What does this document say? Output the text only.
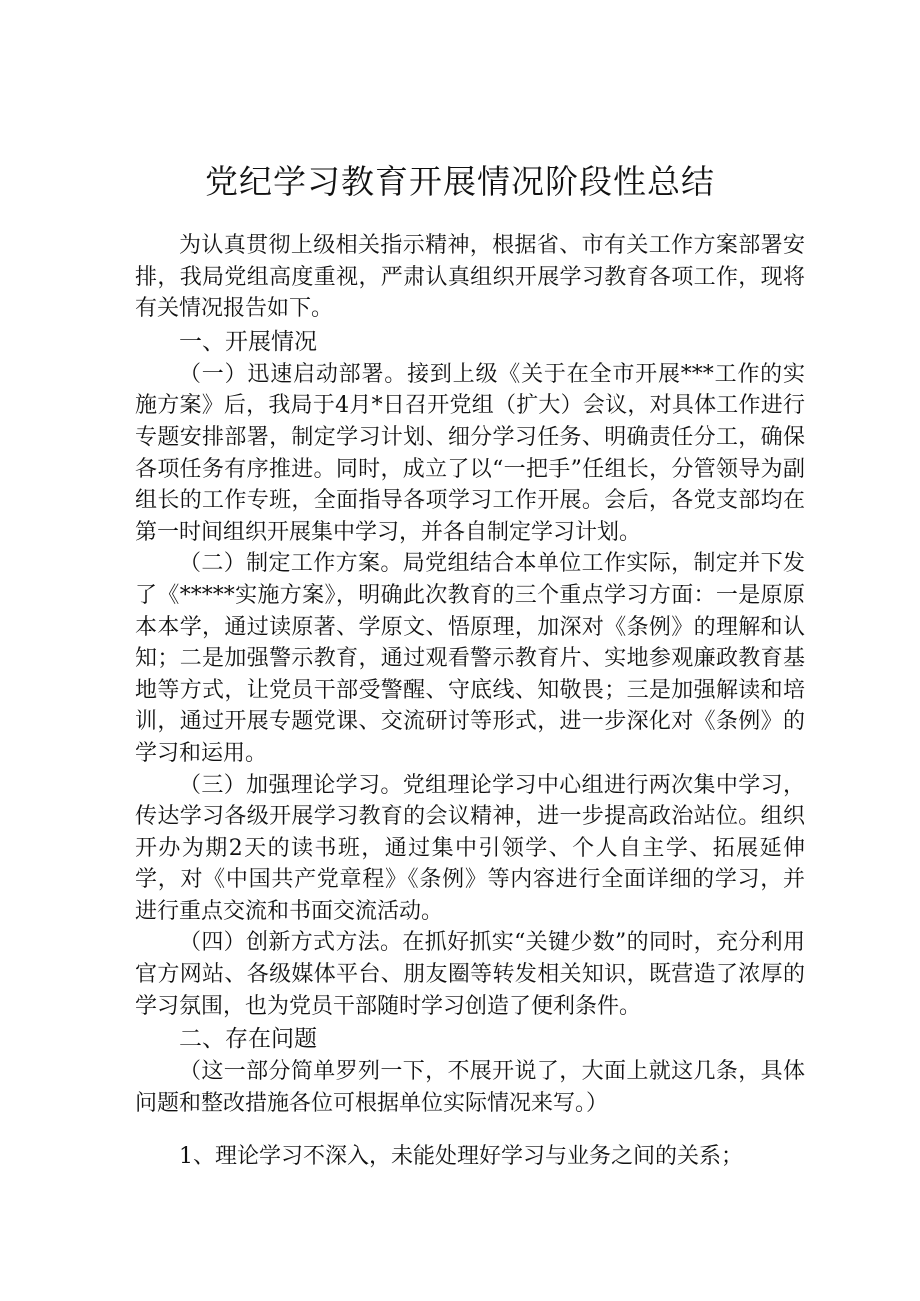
党纪学习教育开展情况阶段性总结

为认真贯彻上级相关指示精神，根据省、市有关工作方案部署安排，我局党组高度重视，严肃认真组织开展学习教育各项工作，现将有关情况报告如下。

一、开展情况

（一）迅速启动部署。接到上级《关于在全市开展***工作的实施方案》后，我局于4月*日召开党组（扩大）会议，对具体工作进行专题安排部署，制定学习计划、细分学习任务、明确责任分工，确保各项任务有序推进。同时，成立了以“一把手”任组长，分管领导为副组长的工作专班，全面指导各项学习工作开展。会后，各党支部均在第一时间组织开展集中学习，并各自制定学习计划。

（二）制定工作方案。局党组结合本单位工作实际，制定并下发了《*****实施方案》，明确此次教育的三个重点学习方面：一是原原本本学，通过读原著、学原文、悟原理，加深对《条例》的理解和认知；二是加强警示教育，通过观看警示教育片、实地参观廉政教育基地等方式，让党员干部受警醒、守底线、知敬畏；三是加强解读和培训，通过开展专题党课、交流研讨等形式，进一步深化对《条例》的学习和运用。

（三）加强理论学习。党组理论学习中心组进行两次集中学习，传达学习各级开展学习教育的会议精神，进一步提高政治站位。组织开办为期2天的读书班，通过集中引领学、个人自主学、拓展延伸学，对《中国共产党章程》《条例》等内容进行全面详细的学习，并进行重点交流和书面交流活动。

（四）创新方式方法。在抓好抓实“关键少数”的同时，充分利用官方网站、各级媒体平台、朋友圈等转发相关知识，既营造了浓厚的学习氛围，也为党员干部随时学习创造了便利条件。

二、存在问题

（这一部分简单罗列一下，不展开说了，大面上就这几条，具体问题和整改措施各位可根据单位实际情况来写。）

1、理论学习不深入，未能处理好学习与业务之间的关系；
